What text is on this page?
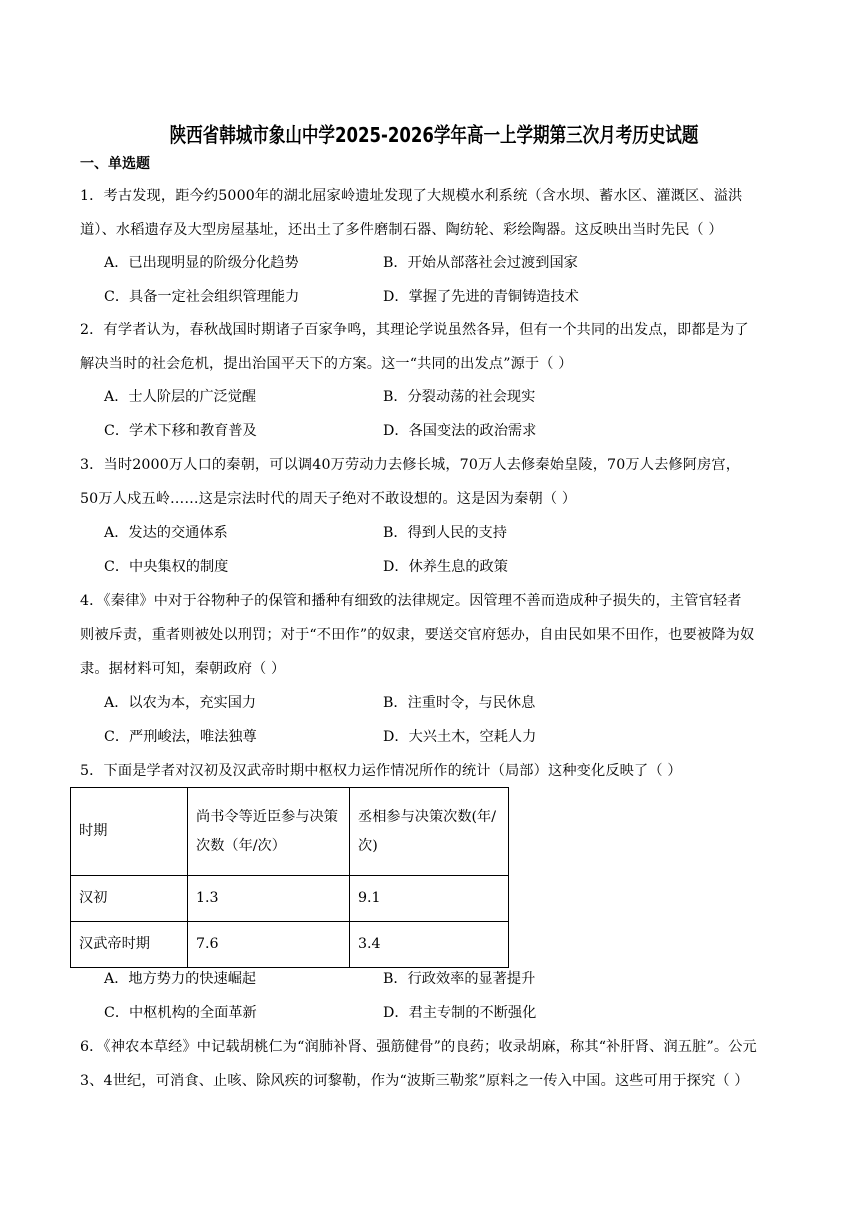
陕西省韩城市象山中学2025-2026学年高一上学期第三次月考历史试题
一、单选题
1．考古发现，距今约5000年的湖北屈家岭遗址发现了大规模水利系统（含水坝、蓄水区、灌溉区、溢洪
道）、水稻遗存及大型房屋基址，还出土了多件磨制石器、陶纺轮、彩绘陶器。这反映出当时先民（ ）
A．已出现明显的阶级分化趋势	B．开始从部落社会过渡到国家
C．具备一定社会组织管理能力	D．掌握了先进的青铜铸造技术
2．有学者认为，春秋战国时期诸子百家争鸣，其理论学说虽然各异，但有一个共同的出发点，即都是为了
解决当时的社会危机，提出治国平天下的方案。这一“共同的出发点”源于（ ）
A．士人阶层的广泛觉醒	B．分裂动荡的社会现实
C．学术下移和教育普及	D．各国变法的政治需求
3．当时2000万人口的秦朝，可以调40万劳动力去修长城，70万人去修秦始皇陵，70万人去修阿房宫，
50万人戍五岭……这是宗法时代的周天子绝对不敢设想的。这是因为秦朝（ ）
A．发达的交通体系	B．得到人民的支持
C．中央集权的制度	D．休养生息的政策
4．《秦律》中对于谷物种子的保管和播种有细致的法律规定。因管理不善而造成种子损失的，主管官轻者
则被斥责，重者则被处以刑罚；对于“不田作”的奴隶，要送交官府惩办，自由民如果不田作，也要被降为奴
隶。据材料可知，秦朝政府（ ）
A．以农为本，充实国力	B．注重时令，与民休息
C．严刑峻法，唯法独尊	D．大兴土木，空耗人力
5．下面是学者对汉初及汉武帝时期中枢权力运作情况所作的统计（局部）这种变化反映了（ ）
时期	尚书令等近臣参与决策次数（年/次）	丞相参与决策次数(年/次)
汉初	1.3	9.1
汉武帝时期	7.6	3.4
A．地方势力的快速崛起	B．行政效率的显著提升
C．中枢机构的全面革新	D．君主专制的不断强化
6．《神农本草经》中记载胡桃仁为“润肺补肾、强筋健骨”的良药；收录胡麻，称其“补肝肾、润五脏”。公元
3、4世纪，可消食、止咳、除风疾的诃黎勒，作为“波斯三勒浆”原料之一传入中国。这些可用于探究（ ）
